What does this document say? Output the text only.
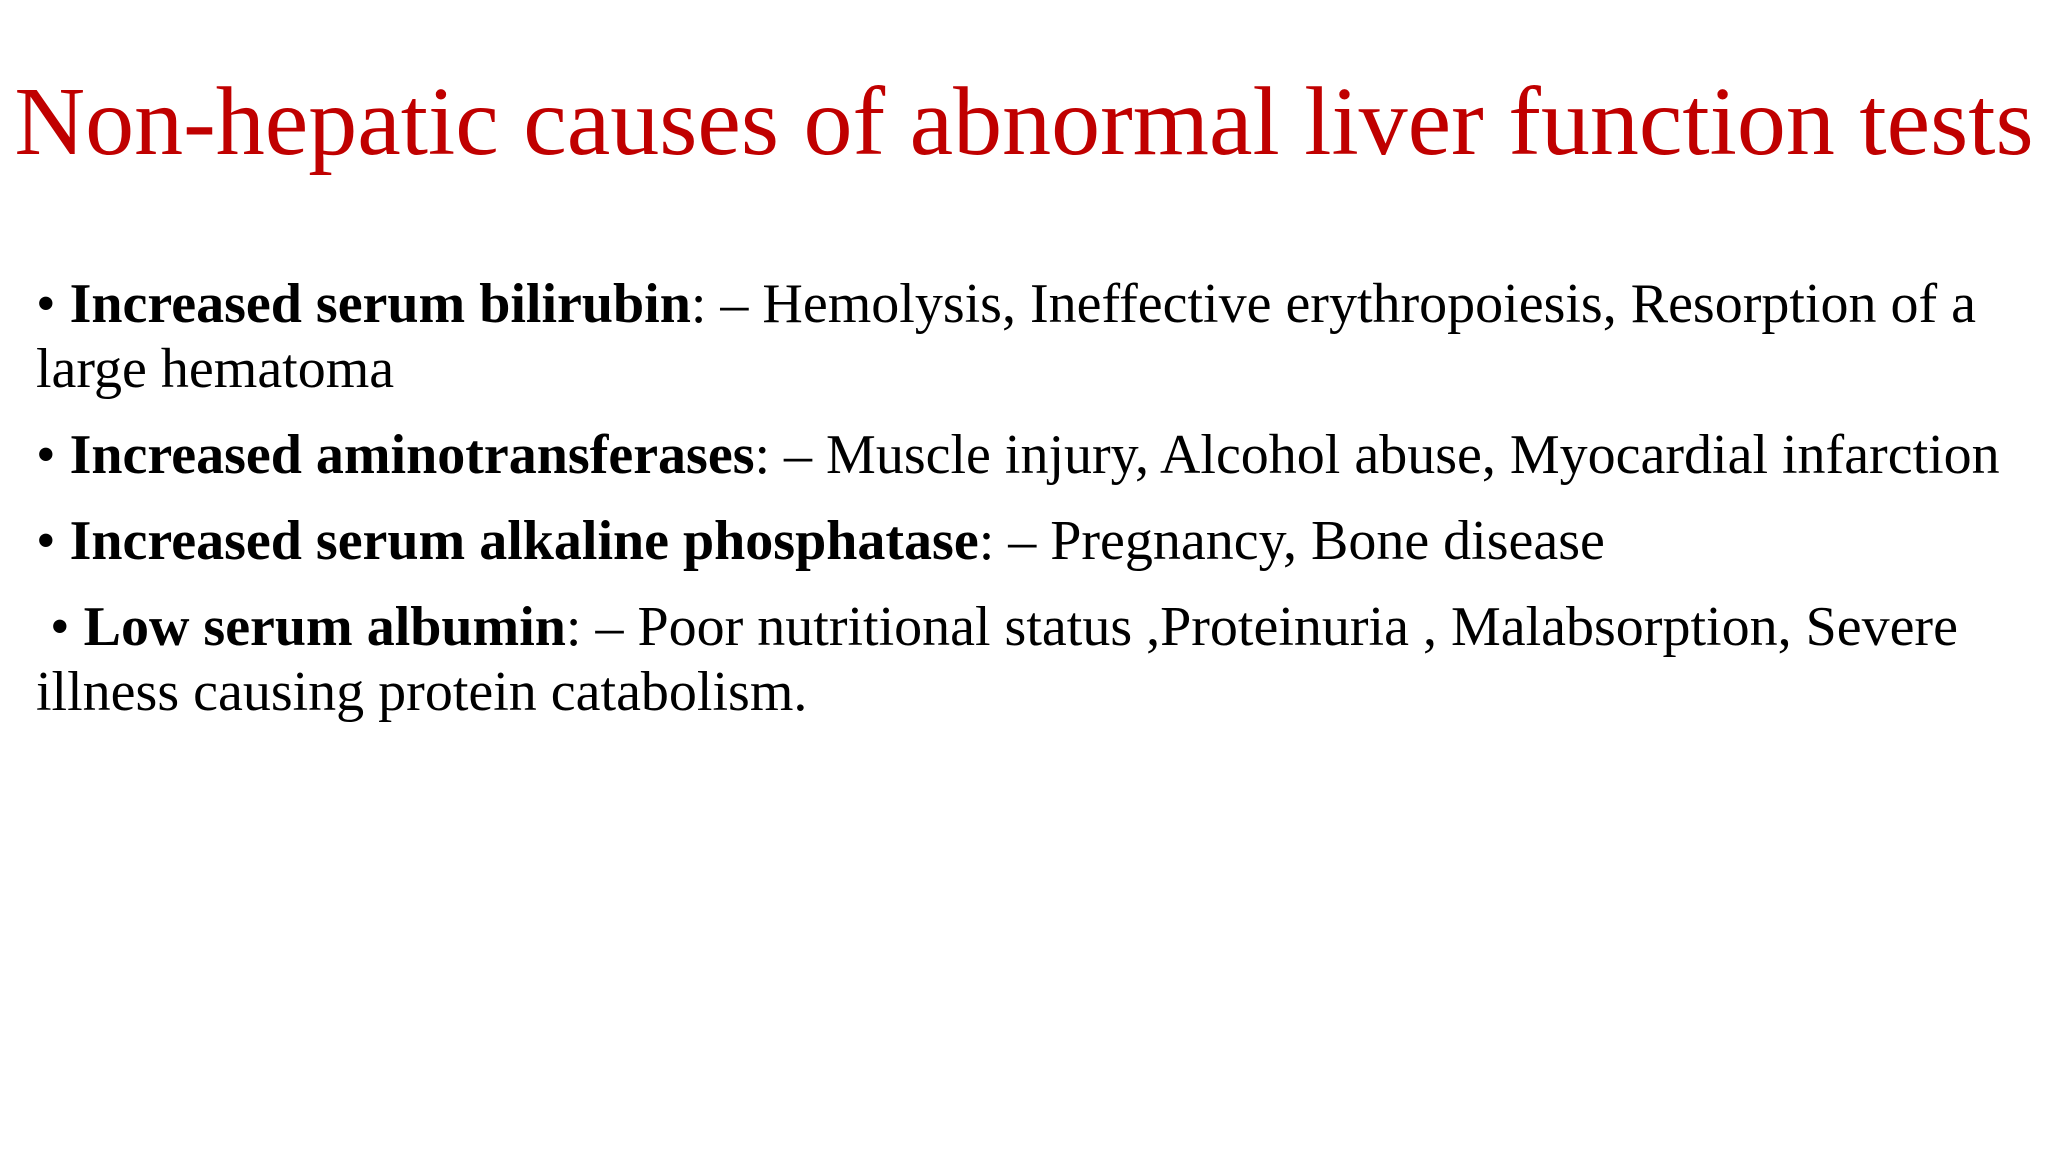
Non-hepatic causes of abnormal liver function tests
• Increased serum bilirubin: – Hemolysis, Ineffective erythropoiesis, Resorption of a large hematoma
• Increased aminotransferases: – Muscle injury, Alcohol abuse, Myocardial infarction
• Increased serum alkaline phosphatase: – Pregnancy, Bone disease
• Low serum albumin: – Poor nutritional status ,Proteinuria , Malabsorption, Severe illness causing protein catabolism.
